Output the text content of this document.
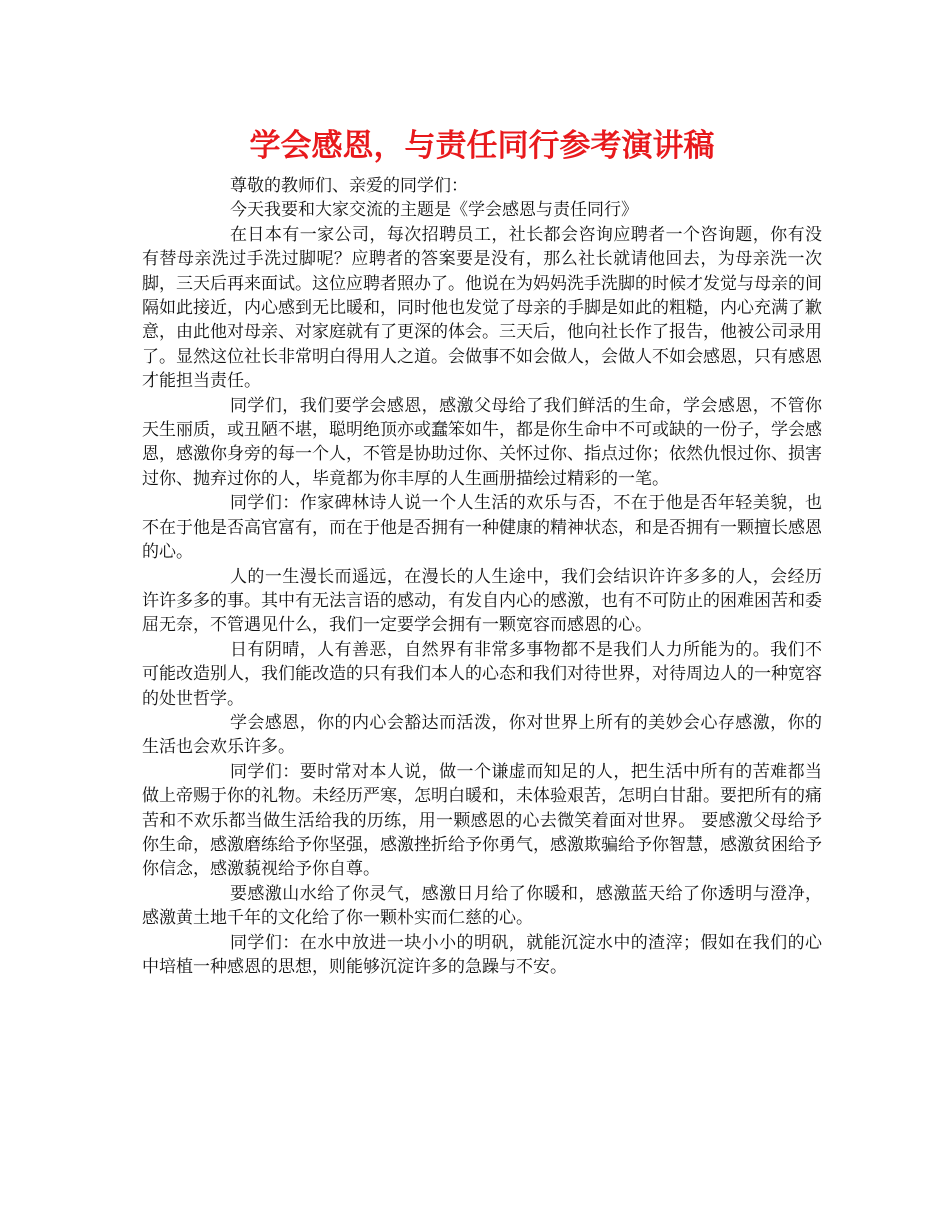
学会感恩，与责任同行参考演讲稿

尊敬的教师们、亲爱的同学们：

今天我要和大家交流的主题是《学会感恩与责任同行》

在日本有一家公司，每次招聘员工，社长都会咨询应聘者一个咨询题，你有没有替母亲洗过手洗过脚呢？应聘者的答案要是没有，那么社长就请他回去，为母亲洗一次脚，三天后再来面试。这位应聘者照办了。他说在为妈妈洗手洗脚的时候才发觉与母亲的间隔如此接近，内心感到无比暖和，同时他也发觉了母亲的手脚是如此的粗糙，内心充满了歉意，由此他对母亲、对家庭就有了更深的体会。三天后，他向社长作了报告，他被公司录用了。显然这位社长非常明白得用人之道。会做事不如会做人，会做人不如会感恩，只有感恩才能担当责任。

同学们，我们要学会感恩，感激父母给了我们鲜活的生命，学会感恩，不管你天生丽质，或丑陋不堪，聪明绝顶亦或蠢笨如牛，都是你生命中不可或缺的一份子，学会感恩，感激你身旁的每一个人，不管是协助过你、关怀过你、指点过你；依然仇恨过你、损害过你、抛弃过你的人，毕竟都为你丰厚的人生画册描绘过精彩的一笔。

同学们：作家碑林诗人说一个人生活的欢乐与否，不在于他是否年轻美貌，也不在于他是否高官富有，而在于他是否拥有一种健康的精神状态，和是否拥有一颗擅长感恩的心。

人的一生漫长而遥远，在漫长的人生途中，我们会结识许许多多的人，会经历许许多多的事。其中有无法言语的感动，有发自内心的感激，也有不可防止的困难困苦和委屈无奈，不管遇见什么，我们一定要学会拥有一颗宽容而感恩的心。

日有阴晴，人有善恶，自然界有非常多事物都不是我们人力所能为的。我们不可能改造别人，我们能改造的只有我们本人的心态和我们对待世界，对待周边人的一种宽容的处世哲学。

学会感恩，你的内心会豁达而活泼，你对世界上所有的美妙会心存感激，你的生活也会欢乐许多。

同学们：要时常对本人说，做一个谦虚而知足的人，把生活中所有的苦难都当做上帝赐于你的礼物。未经历严寒，怎明白暖和，未体验艰苦，怎明白甘甜。要把所有的痛苦和不欢乐都当做生活给我的历练，用一颗感恩的心去微笑着面对世界。 要感激父母给予你生命，感激磨练给予你坚强，感激挫折给予你勇气，感激欺骗给予你智慧，感激贫困给予你信念，感激藐视给予你自尊。

要感激山水给了你灵气，感激日月给了你暖和，感激蓝天给了你透明与澄净，感激黄土地千年的文化给了你一颗朴实而仁慈的心。

同学们：在水中放进一块小小的明矾，就能沉淀水中的渣滓；假如在我们的心中培植一种感恩的思想，则能够沉淀许多的急躁与不安。
